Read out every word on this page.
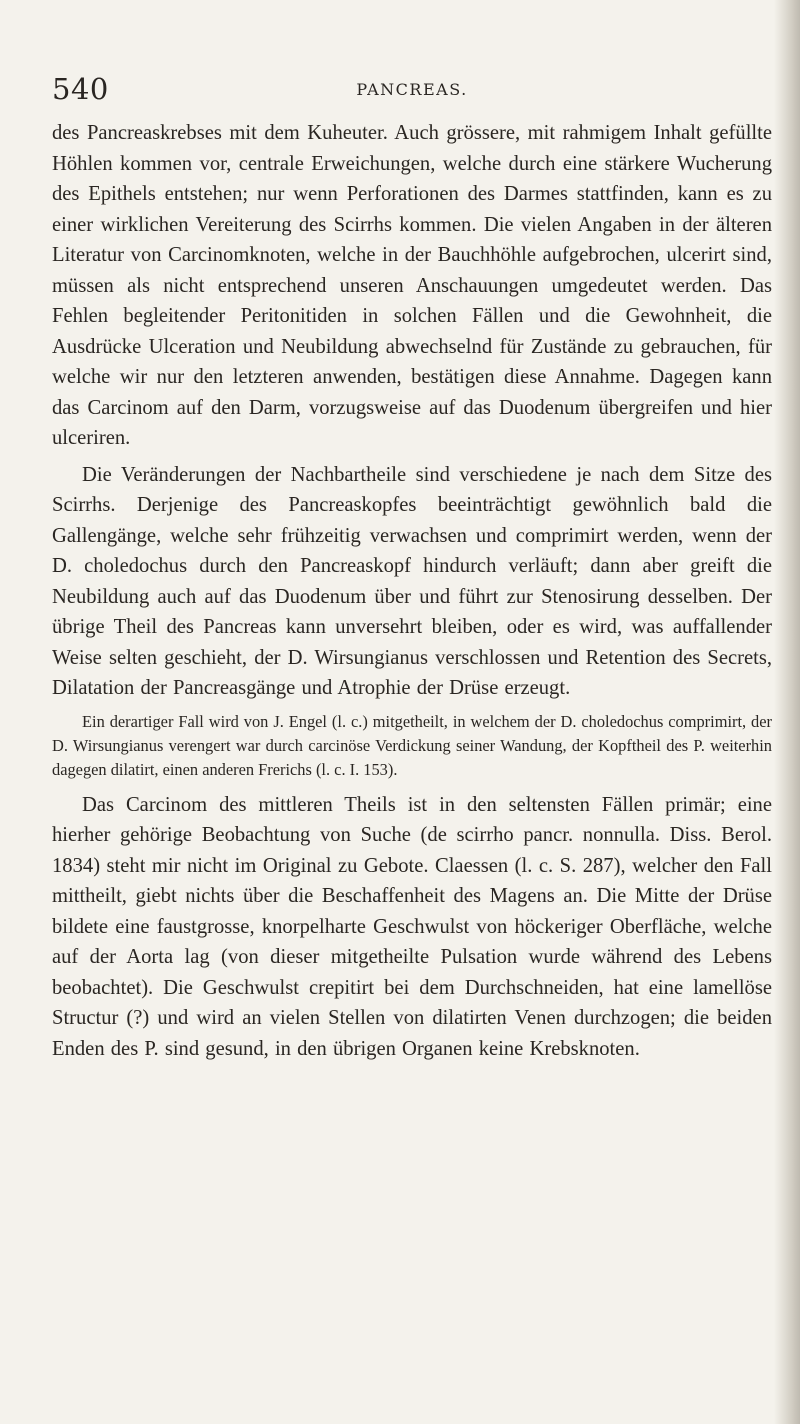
540	PANCREAS.

des Pancreaskrebses mit dem Kuheuter. Auch grössere, mit rahmigem Inhalt gefüllte Höhlen kommen vor, centrale Erweichungen, welche durch eine stärkere Wucherung des Epithels entstehen; nur wenn Perforationen des Darmes stattfinden, kann es zu einer wirklichen Vereiterung des Scirrhs kommen. Die vielen Angaben in der älteren Literatur von Carcinomknoten, welche in der Bauchhöhle aufgebrochen, ulcerirt sind, müssen als nicht entsprechend unseren Anschauungen umgedeutet werden. Das Fehlen begleitender Peritonitiden in solchen Fällen und die Gewohnheit, die Ausdrücke Ulceration und Neubildung abwechselnd für Zustände zu gebrauchen, für welche wir nur den letzteren anwenden, bestätigen diese Annahme. Dagegen kann das Carcinom auf den Darm, vorzugsweise auf das Duodenum übergreifen und hier ulceriren.

Die Veränderungen der Nachbartheile sind verschiedene je nach dem Sitze des Scirrhs. Derjenige des Pancreaskopfes beeinträchtigt gewöhnlich bald die Gallengänge, welche sehr frühzeitig verwachsen und comprimirt werden, wenn der D. choledochus durch den Pancreaskopf hindurch verläuft; dann aber greift die Neubildung auch auf das Duodenum über und führt zur Stenosirung desselben. Der übrige Theil des Pancreas kann unversehrt bleiben, oder es wird, was auffallender Weise selten geschieht, der D. Wirsungianus verschlossen und Retention des Secrets, Dilatation der Pancreasgänge und Atrophie der Drüse erzeugt.

Ein derartiger Fall wird von J. Engel (l. c.) mitgetheilt, in welchem der D. choledochus comprimirt, der D. Wirsungianus verengert war durch carcinöse Verdickung seiner Wandung, der Kopftheil des P. weiterhin dagegen dilatirt, einen anderen Frerichs (l. c. I. 153).

Das Carcinom des mittleren Theils ist in den seltensten Fällen primär; eine hierher gehörige Beobachtung von Suche (de scirrho pancr. nonnulla. Diss. Berol. 1834) steht mir nicht im Original zu Gebote. Claessen (l. c. S. 287), welcher den Fall mittheilt, giebt nichts über die Beschaffenheit des Magens an. Die Mitte der Drüse bildete eine faustgrosse, knorpelharte Geschwulst von höckeriger Oberfläche, welche auf der Aorta lag (von dieser mitgetheilte Pulsation wurde während des Lebens beobachtet). Die Geschwulst crepitirt bei dem Durchschneiden, hat eine lamellöse Structur (?) und wird an vielen Stellen von dilatirten Venen durchzogen; die beiden Enden des P. sind gesund, in den übrigen Organen keine Krebsknoten.
